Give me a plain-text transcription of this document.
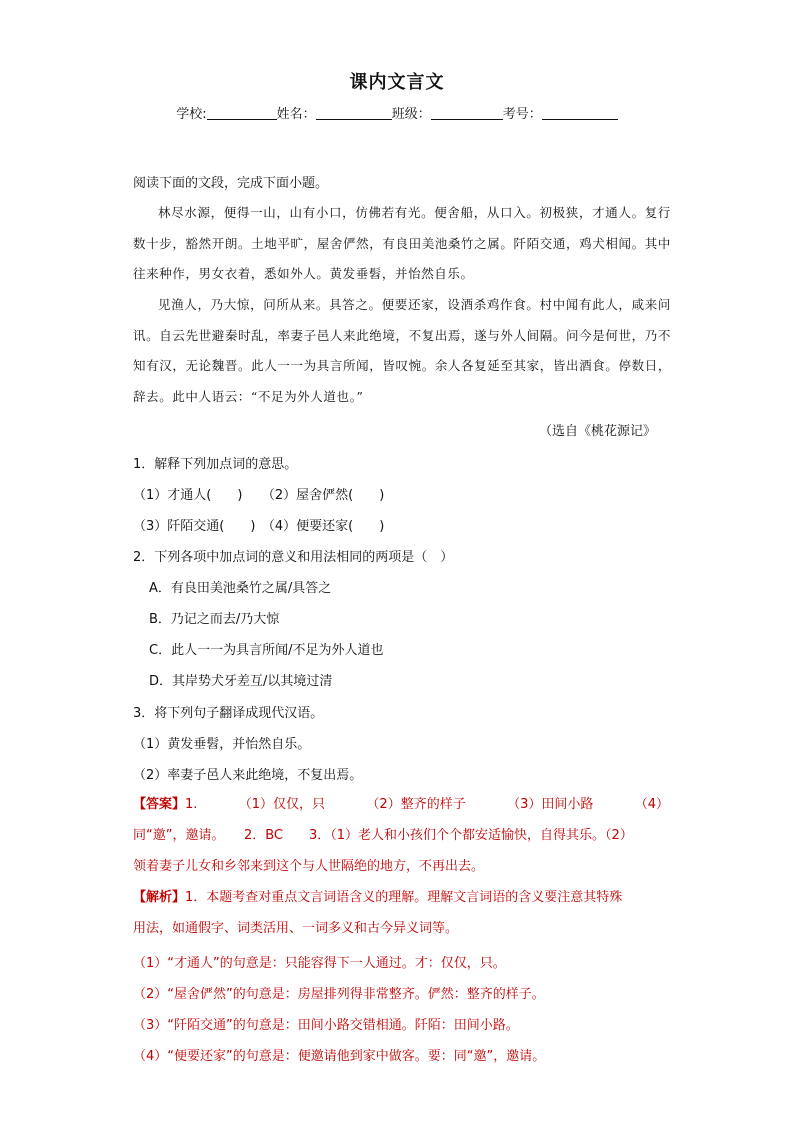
课内文言文
学校:	姓名：	班级：	考号：
阅读下面的文段，完成下面小题。
林尽水源，便得一山，山有小口，仿佛若有光。便舍船，从口入。初极狭，才通人。复行数十步，豁然开朗。土地平旷，屋舍俨然，有良田美池桑竹之属。阡陌交通，鸡犬相闻。其中往来种作，男女衣着，悉如外人。黄发垂髫，并怡然自乐。
见渔人，乃大惊，问所从来。具答之。便要还家，设酒杀鸡作食。村中闻有此人，咸来问讯。自云先世避秦时乱，率妻子邑人来此绝境，不复出焉，遂与外人间隔。问今是何世，乃不知有汉，无论魏晋。此人一一为具言所闻，皆叹惋。余人各复延至其家，皆出酒食。停数日，辞去。此中人语云：“不足为外人道也。”
（选自《桃花源记》
1．解释下列加点词的意思。
（1）才通人(　　)　　（2）屋舍俨然(　　)
（3）阡陌交通(　　)　（4）便要还家(　　)
2．下列各项中加点词的意义和用法相同的两项是（　）
A．有良田美池桑竹之属/具答之
B．乃记之而去/乃大惊
C．此人一一为具言所闻/不足为外人道也
D．其岸势犬牙差互/以其境过清
3．将下列句子翻译成现代汉语。
（1）黄发垂髫，并怡然自乐。
（2）率妻子邑人来此绝境，不复出焉。
【答案】1.	（1）仅仅，只	（2）整齐的样子	（3）田间小路	（4）
同“邀”，邀请。　　2．BC　　3．（1）老人和小孩们个个都安适愉快，自得其乐。（2）
领着妻子儿女和乡邻来到这个与人世隔绝的地方，不再出去。
【解析】1．本题考查对重点文言词语含义的理解。理解文言词语的含义要注意其特殊
用法，如通假字、词类活用、一词多义和古今异义词等。
（1）“才通人”的句意是：只能容得下一人通过。才：仅仅，只。
（2）“屋舍俨然”的句意是：房屋排列得非常整齐。俨然：整齐的样子。
（3）“阡陌交通”的句意是：田间小路交错相通。阡陌：田间小路。
（4）“便要还家”的句意是：便邀请他到家中做客。要：同“邀”，邀请。
